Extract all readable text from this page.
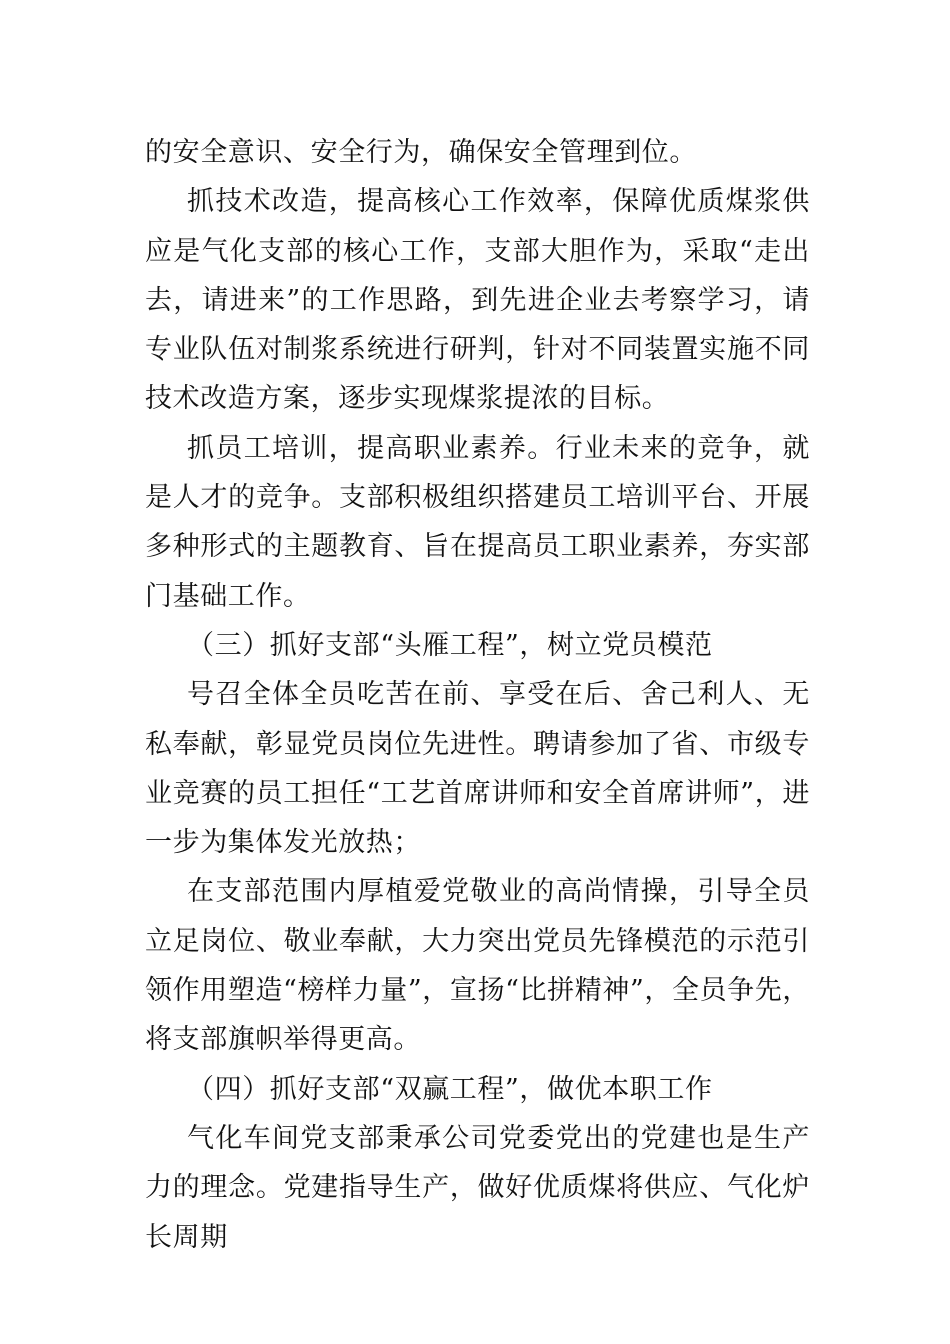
的安全意识、安全行为，确保安全管理到位。

抓技术改造，提高核心工作效率，保障优质煤浆供应是气化支部的核心工作，支部大胆作为，采取“走出去，请进来”的工作思路，到先进企业去考察学习，请专业队伍对制浆系统进行研判，针对不同装置实施不同技术改造方案，逐步实现煤浆提浓的目标。

抓员工培训，提高职业素养。行业未来的竞争，就是人才的竞争。支部积极组织搭建员工培训平台、开展多种形式的主题教育、旨在提高员工职业素养，夯实部门基础工作。

（三）抓好支部“头雁工程”，树立党员模范

号召全体全员吃苦在前、享受在后、舍己利人、无私奉献，彰显党员岗位先进性。聘请参加了省、市级专业竞赛的员工担任“工艺首席讲师和安全首席讲师”，进一步为集体发光放热；

在支部范围内厚植爱党敬业的高尚情操，引导全员立足岗位、敬业奉献，大力突出党员先锋模范的示范引领作用塑造“榜样力量”，宣扬“比拼精神”，全员争先，将支部旗帜举得更高。

（四）抓好支部“双赢工程”，做优本职工作

气化车间党支部秉承公司党委党出的党建也是生产力的理念。党建指导生产，做好优质煤将供应、气化炉长周期
